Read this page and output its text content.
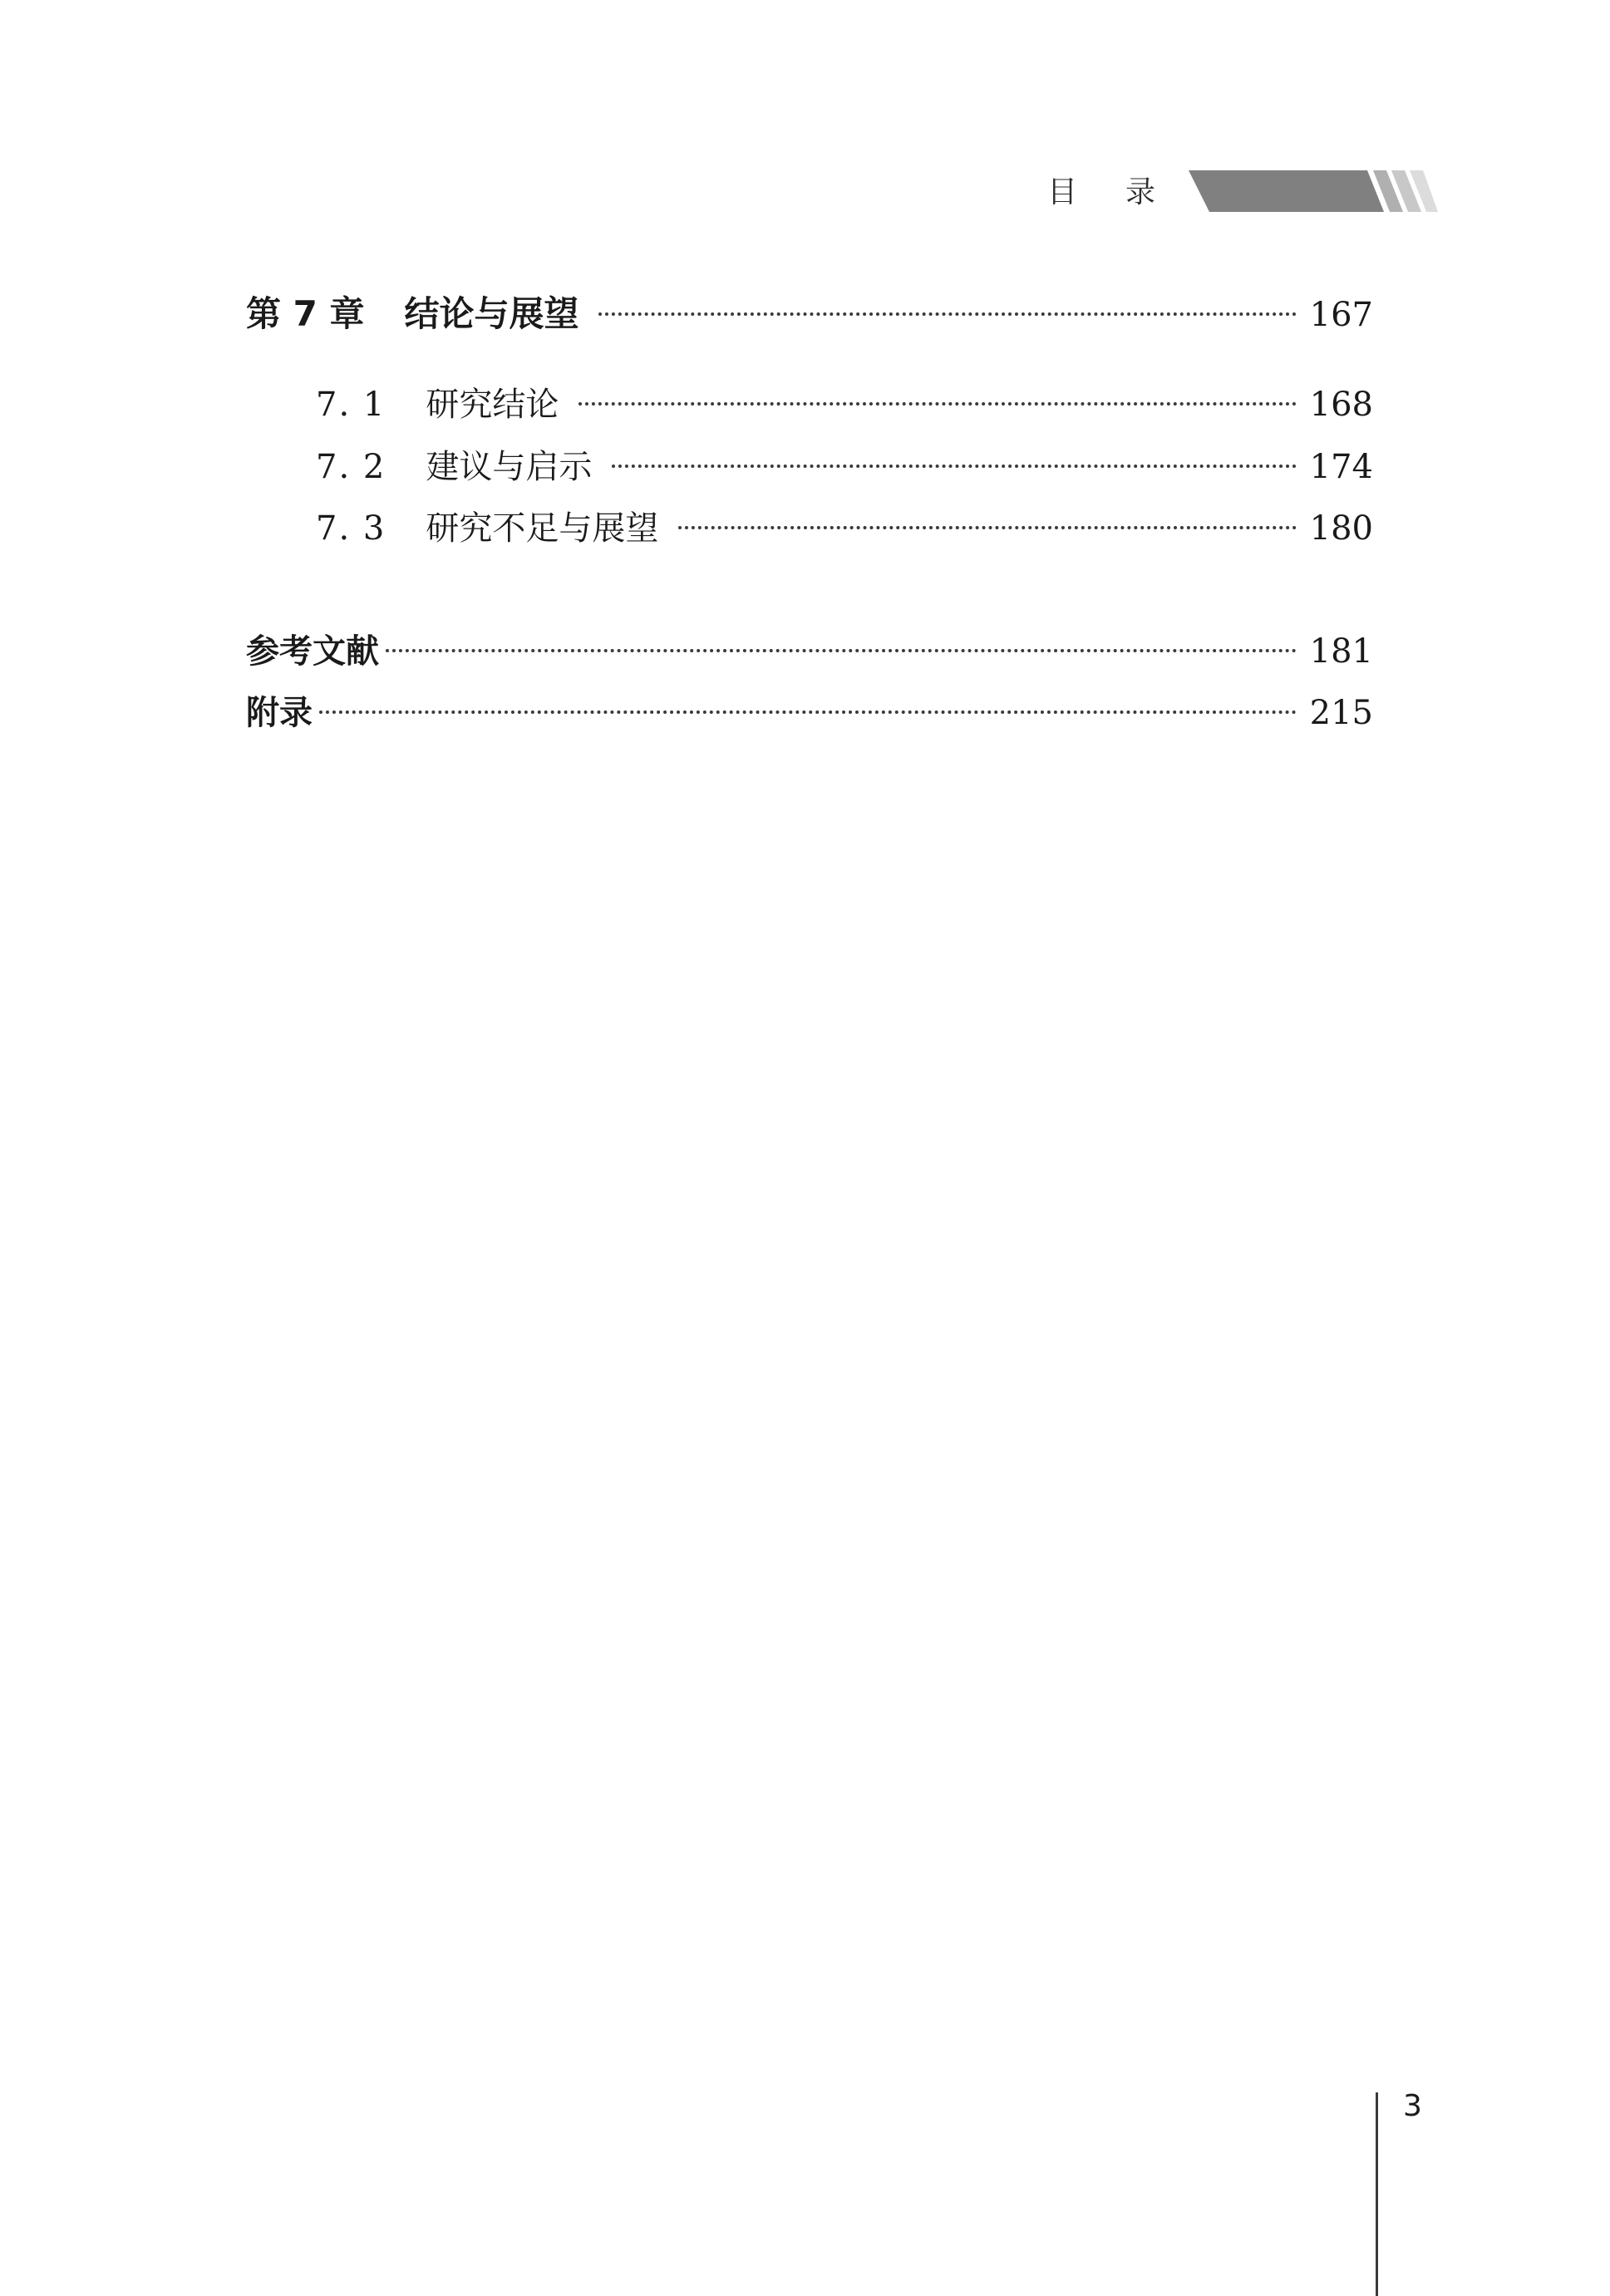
目录
第 7 章 结论与展望	167
7. 1 研究结论	168
7. 2 建议与启示	174
7. 3 研究不足与展望	180
参考文献	181
附录	215
3
